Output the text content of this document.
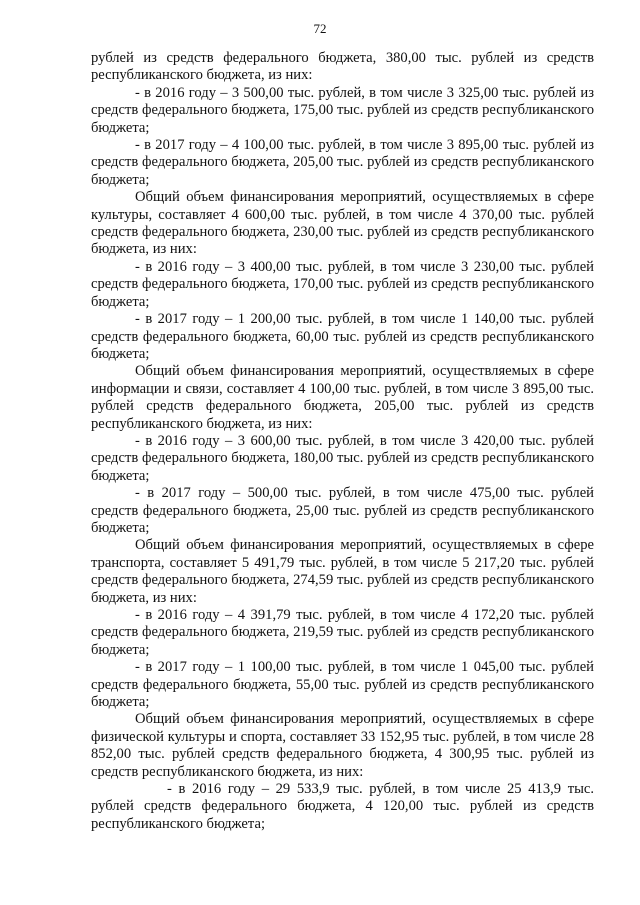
72

рублей из средств федерального бюджета, 380,00 тыс. рублей из средств республиканского бюджета, из них:

- в 2016 году – 3 500,00 тыс. рублей, в том числе 3 325,00 тыс. рублей из средств федерального бюджета, 175,00 тыс. рублей из средств республиканского бюджета;

- в 2017 году – 4 100,00 тыс. рублей, в том числе 3 895,00 тыс. рублей из средств федерального бюджета, 205,00 тыс. рублей из средств республиканского бюджета;

Общий объем финансирования мероприятий, осуществляемых в сфере культуры, составляет 4 600,00 тыс. рублей, в том числе 4 370,00 тыс. рублей средств федерального бюджета, 230,00 тыс. рублей из средств республиканского бюджета, из них:

- в 2016 году – 3 400,00 тыс. рублей, в том числе 3 230,00 тыс. рублей средств федерального бюджета, 170,00 тыс. рублей из средств республиканского бюджета;

- в 2017 году – 1 200,00 тыс. рублей, в том числе 1 140,00 тыс. рублей средств федерального бюджета, 60,00 тыс. рублей из средств республиканского бюджета;

Общий объем финансирования мероприятий, осуществляемых в сфере информации и связи, составляет 4 100,00 тыс. рублей, в том числе 3 895,00 тыс. рублей средств федерального бюджета, 205,00 тыс. рублей из средств республиканского бюджета, из них:

- в 2016 году – 3 600,00 тыс. рублей, в том числе 3 420,00 тыс. рублей средств федерального бюджета, 180,00 тыс. рублей из средств республиканского бюджета;

- в 2017 году – 500,00 тыс. рублей, в том числе 475,00 тыс. рублей средств федерального бюджета, 25,00 тыс. рублей из средств республиканского бюджета;

Общий объем финансирования мероприятий, осуществляемых в сфере транспорта, составляет 5 491,79 тыс. рублей, в том числе 5 217,20 тыс. рублей средств федерального бюджета, 274,59 тыс. рублей из средств республиканского бюджета, из них:

- в 2016 году – 4 391,79 тыс. рублей, в том числе 4 172,20 тыс. рублей средств федерального бюджета, 219,59 тыс. рублей из средств республиканского бюджета;

- в 2017 году – 1 100,00 тыс. рублей, в том числе 1 045,00 тыс. рублей средств федерального бюджета, 55,00 тыс. рублей из средств республиканского бюджета;

Общий объем финансирования мероприятий, осуществляемых в сфере физической культуры и спорта, составляет 33 152,95 тыс. рублей, в том числе 28 852,00 тыс. рублей средств федерального бюджета, 4 300,95 тыс. рублей из средств республиканского бюджета, из них:

- в 2016 году – 29 533,9 тыс. рублей, в том числе 25 413,9 тыс. рублей средств федерального бюджета, 4 120,00 тыс. рублей из средств республиканского бюджета;
